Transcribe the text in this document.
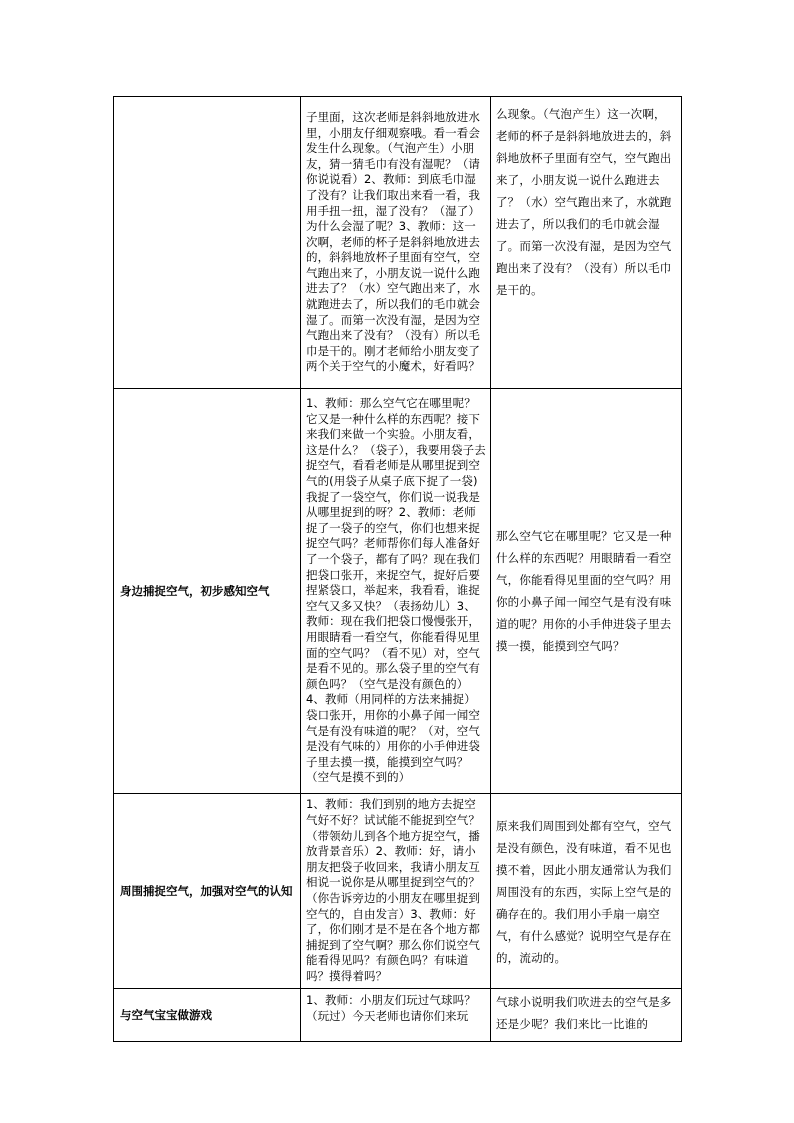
	子里面，这次老师是斜斜地放进水里，小朋友仔细观察哦。看一看会发生什么现象。（气泡产生）小朋友，猜一猜毛巾有没有湿呢？（请你说说看）2、教师：到底毛巾湿了没有？让我们取出来看一看，我用手扭一扭，湿了没有？（湿了）为什么会湿了呢？3、教师：这一次啊，老师的杯子是斜斜地放进去的，斜斜地放杯子里面有空气，空气跑出来了，小朋友说一说什么跑进去了？（水）空气跑出来了，水就跑进去了，所以我们的毛巾就会湿了。而第一次没有湿，是因为空气跑出来了没有？（没有）所以毛巾是干的。刚才老师给小朋友变了两个关于空气的小魔术，好看吗？	么现象。（气泡产生）这一次啊，老师的杯子是斜斜地放进去的，斜斜地放杯子里面有空气，空气跑出来了，小朋友说一说什么跑进去了？（水）空气跑出来了，水就跑进去了，所以我们的毛巾就会湿了。而第一次没有湿，是因为空气跑出来了没有？（没有）所以毛巾是干的。

身边捕捉空气，初步感知空气	1、教师：那么空气它在哪里呢？它又是一种什么样的东西呢？接下来我们来做一个实验。小朋友看，这是什么？（袋子），我要用袋子去捉空气，看看老师是从哪里捉到空气的(用袋子从桌子底下捉了一袋)我捉了一袋空气，你们说一说我是从哪里捉到的呀？2、教师：老师捉了一袋子的空气，你们也想来捉捉空气吗？老师帮你们每人准备好了一个袋子，都有了吗？现在我们把袋口张开，来捉空气，捉好后要捏紧袋口，举起来，我看看，谁捉空气又多又快？（表扬幼儿）3、教师：现在我们把袋口慢慢张开，用眼睛看一看空气，你能看得见里面的空气吗？（看不见）对，空气是看不见的。那么袋子里的空气有颜色吗？（空气是没有颜色的）4、教师（用同样的方法来捕捉）袋口张开，用你的小鼻子闻一闻空气是有没有味道的呢？（对，空气是没有气味的）用你的小手伸进袋子里去摸一摸，能摸到空气吗？（空气是摸不到的）	那么空气它在哪里呢？它又是一种什么样的东西呢？用眼睛看一看空气，你能看得见里面的空气吗？用你的小鼻子闻一闻空气是有没有味道的呢？用你的小手伸进袋子里去摸一摸，能摸到空气吗？

周围捕捉空气，加强对空气的认知	1、教师：我们到别的地方去捉空气好不好？试试能不能捉到空气？（带领幼儿到各个地方捉空气，播放背景音乐）2、教师：好，请小朋友把袋子收回来，我请小朋友互相说一说你是从哪里捉到空气的？（你告诉旁边的小朋友在哪里捉到空气的，自由发言）3、教师：好了，你们刚才是不是在各个地方都捕捉到了空气啊？那么你们说空气能看得见吗？有颜色吗？有味道吗？摸得着吗？	原来我们周围到处都有空气，空气是没有颜色，没有味道，看不见也摸不着，因此小朋友通常认为我们周围没有的东西，实际上空气是的确存在的。我们用小手扇一扇空气，有什么感觉？说明空气是存在的，流动的。

与空气宝宝做游戏	1、教师：小朋友们玩过气球吗？（玩过）今天老师也请你们来玩	气球小说明我们吹进去的空气是多还是少呢？我们来比一比谁的
